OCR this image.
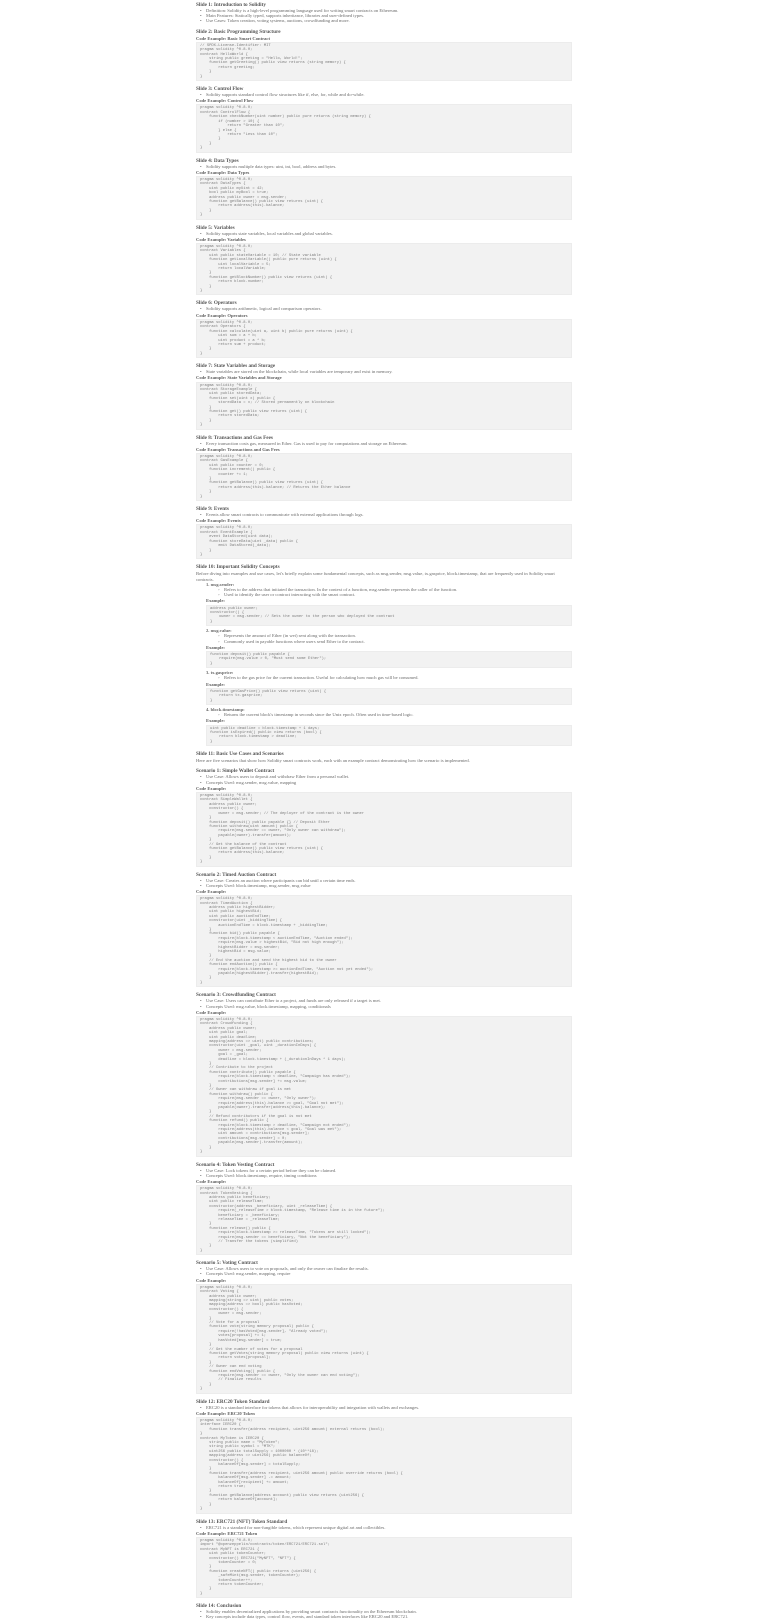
Slide 1: Introduction to Solidity
• Definition: Solidity is a high-level programming language used for writing smart contracts on Ethereum.
• Main Features: Statically typed, supports inheritance, libraries and user-defined types.
• Use Cases: Token creation, voting systems, auctions, crowdfunding and more.
Slide 2: Basic Programming Structure
Code Example: Basic Smart Contract
// SPDX-License-Identifier: MIT
pragma solidity ^0.8.0;
contract HelloWorld {
string public greeting = "Hello, World!";
function getGreeting() public view returns (string memory) {
return greeting;
}
}
Slide 3: Control Flow
• Solidity supports standard control flow structures like if, else, for, while and do-while.
Code Example: Control Flow
pragma solidity ^0.8.0;
contract ControlFlow {
function checkNumber(uint number) public pure returns (string memory) {
if (number > 10) {
return "Greater than 10";
} else {
return "Less than 10";
}
}
}
Slide 4: Data Types
• Solidity supports multiple data types: uint, int, bool, address and bytes.
Code Example: Data Types
pragma solidity ^0.8.0;
contract DataTypes {
uint public myUint = 42;
bool public myBool = true;
address public owner = msg.sender;
function getBalance() public view returns (uint) {
return address(this).balance;
}
}
Slide 5: Variables
• Solidity supports state variables, local variables and global variables.
Code Example: Variables
pragma solidity ^0.8.0;
contract Variables {
uint public stateVariable = 10; // State variable
function getLocalVariable() public pure returns (uint) {
uint localVariable = 5;
return localVariable;
}
function getBlockNumber() public view returns (uint) {
return block.number;
}
}
Slide 6: Operators
• Solidity supports arithmetic, logical and comparison operators.
Code Example: Operators
pragma solidity ^0.8.0;
contract Operators {
function calculate(uint a, uint b) public pure returns (uint) {
uint sum = a + b;
uint product = a * b;
return sum + product;
}
}
Slide 7: State Variables and Storage
• State variables are stored on the blockchain, while local variables are temporary and exist in memory.
Code Example: State Variables and Storage
pragma solidity ^0.8.0;
contract StorageExample {
uint public storedData;
function set(uint x) public {
storedData = x; // Stored permanently on blockchain
}
function get() public view returns (uint) {
return storedData;
}
}
Slide 8: Transactions and Gas Fees
• Every transaction costs gas, measured in Ether. Gas is used to pay for computations and storage on Ethereum.
Code Example: Transactions and Gas Fees
pragma solidity ^0.8.0;
contract GasExample {
uint public counter = 0;
function increment() public {
counter += 1;
}
function getBalance() public view returns (uint) {
return address(this).balance; // Returns the Ether balance
}
}
Slide 9: Events
• Events allow smart contracts to communicate with external applications through logs.
Code Example: Events
pragma solidity ^0.8.0;
contract EventExample {
event DataStored(uint data);
function storeData(uint _data) public {
emit DataStored(_data);
}
}
Slide 10: Important Solidity Concepts
Before diving into examples and use cases, let's briefly explain some fundamental concepts, such as msg.sender, msg.value, tx.gasprice, block.timestamp, that are frequently used in Solidity smart contracts.
1. msg.sender:
◦ Refers to the address that initiated the transaction. In the context of a function, msg.sender represents the caller of the function.
◦ Used to identify the user or contract interacting with the smart contract.
Example:
address public owner;
constructor() {
owner = msg.sender; // Sets the owner to the person who deployed the contract
}
2. msg.value:
◦ Represents the amount of Ether (in wei) sent along with the transaction.
◦ Commonly used in payable functions where users send Ether to the contract.
Example:
function deposit() public payable {
require(msg.value > 0, "Must send some Ether");
}
3. tx.gasprice:
◦ Refers to the gas price for the current transaction. Useful for calculating how much gas will be consumed.
Example:
function getGasPrice() public view returns (uint) {
return tx.gasprice;
}
4. block.timestamp:
◦ Returns the current block's timestamp in seconds since the Unix epoch. Often used in time-based logic.
Example:
uint public deadline = block.timestamp + 1 days;
function isExpired() public view returns (bool) {
return block.timestamp > deadline;
}
Slide 11: Basic Use Cases and Scenarios
Here are five scenarios that show how Solidity smart contracts work, each with an example contract demonstrating how the scenario is implemented.
Scenario 1: Simple Wallet Contract
• Use Case: Allows users to deposit and withdraw Ether from a personal wallet.
• Concepts Used: msg.sender, msg.value, mapping
Code Example:
pragma solidity ^0.8.0;
contract SimpleWallet {
address public owner;
constructor() {
owner = msg.sender; // The deployer of the contract is the owner
}
function deposit() public payable {} // Deposit Ether
function withdraw(uint amount) public {
require(msg.sender == owner, "Only owner can withdraw");
payable(owner).transfer(amount);
}
// Get the balance of the contract
function getBalance() public view returns (uint) {
return address(this).balance;
}
}
Scenario 2: Timed Auction Contract
• Use Case: Creates an auction where participants can bid until a certain time ends.
• Concepts Used: block.timestamp, msg.sender, msg.value
Code Example:
pragma solidity ^0.8.0;
contract TimedAuction {
address public highestBidder;
uint public highestBid;
uint public auctionEndTime;
constructor(uint _biddingTime) {
auctionEndTime = block.timestamp + _biddingTime;
}
function bid() public payable {
require(block.timestamp < auctionEndTime, "Auction ended");
require(msg.value > highestBid, "Bid not high enough");
highestBidder = msg.sender;
highestBid = msg.value;
}
// End the auction and send the highest bid to the owner
function endAuction() public {
require(block.timestamp >= auctionEndTime, "Auction not yet ended");
payable(highestBidder).transfer(highestBid);
}
}
Scenario 3: Crowdfunding Contract
• Use Case: Users can contribute Ether to a project, and funds are only released if a target is met.
• Concepts Used: msg.value, block.timestamp, mapping, conditionals
Code Example:
pragma solidity ^0.8.0;
contract Crowdfunding {
address public owner;
uint public goal;
uint public deadline;
mapping(address => uint) public contributions;
constructor(uint _goal, uint _durationInDays) {
owner = msg.sender;
goal = _goal;
deadline = block.timestamp + (_durationInDays * 1 days);
}
// Contribute to the project
function contribute() public payable {
require(block.timestamp < deadline, "Campaign has ended");
contributions[msg.sender] += msg.value;
}
// Owner can withdraw if goal is met
function withdraw() public {
require(msg.sender == owner, "Only owner");
require(address(this).balance >= goal, "Goal not met");
payable(owner).transfer(address(this).balance);
}
// Refund contributors if the goal is not met
function refund() public {
require(block.timestamp > deadline, "Campaign not ended");
require(address(this).balance < goal, "Goal was met");
uint amount = contributions[msg.sender];
contributions[msg.sender] = 0;
payable(msg.sender).transfer(amount);
}
}
Scenario 4: Token Vesting Contract
• Use Case: Lock tokens for a certain period before they can be claimed.
• Concepts Used: block.timestamp, require, timing conditions
Code Example:
pragma solidity ^0.8.0;
contract TokenVesting {
address public beneficiary;
uint public releaseTime;
constructor(address _beneficiary, uint _releaseTime) {
require(_releaseTime > block.timestamp, "Release time is in the future");
beneficiary = _beneficiary;
releaseTime = _releaseTime;
}
function release() public {
require(block.timestamp >= releaseTime, "Tokens are still locked");
require(msg.sender == beneficiary, "Not the beneficiary");
// Transfer the tokens (simplified)
}
}
Scenario 5: Voting Contract
• Use Case: Allows users to vote on proposals, and only the owner can finalize the results.
• Concepts Used: msg.sender, mapping, require
Code Example:
pragma solidity ^0.8.0;
contract Voting {
address public owner;
mapping(string => uint) public votes;
mapping(address => bool) public hasVoted;
constructor() {
owner = msg.sender;
}
// Vote for a proposal
function vote(string memory proposal) public {
require(!hasVoted[msg.sender], "Already voted");
votes[proposal] += 1;
hasVoted[msg.sender] = true;
}
// Get the number of votes for a proposal
function getVotes(string memory proposal) public view returns (uint) {
return votes[proposal];
}
// Owner can end voting
function endVoting() public {
require(msg.sender == owner, "Only the owner can end voting");
// Finalize results
}
}
Slide 12: ERC20 Token Standard
• ERC20 is a standard interface for tokens that allows for interoperability and integration with wallets and exchanges.
Code Example: ERC20 Token
pragma solidity ^0.8.0;
interface IERC20 {
function transfer(address recipient, uint256 amount) external returns (bool);
}
contract MyToken is IERC20 {
string public name = "MyToken";
string public symbol = "MTK";
uint256 public totalSupply = 1000000 * (10**18);
mapping(address => uint256) public balanceOf;
constructor() {
balanceOf[msg.sender] = totalSupply;
}
function transfer(address recipient, uint256 amount) public override returns (bool) {
balanceOf[msg.sender] -= amount;
balanceOf[recipient] += amount;
return true;
}
function getBalance(address account) public view returns (uint256) {
return balanceOf[account];
}
}
Slide 13: ERC721 (NFT) Token Standard
• ERC721 is a standard for non-fungible tokens, which represent unique digital art and collectibles.
Code Example: ERC721 Token
pragma solidity ^0.8.0;
import "@openzeppelin/contracts/token/ERC721/ERC721.sol";
contract MyNFT is ERC721 {
uint public tokenCounter;
constructor() ERC721("MyNFT", "NFT") {
tokenCounter = 0;
}
function createNFT() public returns (uint256) {
_safeMint(msg.sender, tokenCounter);
tokenCounter++;
return tokenCounter;
}
}
Slide 14: Conclusion
• Solidity enables decentralized applications by providing smart contracts functionality on the Ethereum blockchain.
• Key concepts include data types, control flow, events, and standard token interfaces like ERC20 and ERC721.
